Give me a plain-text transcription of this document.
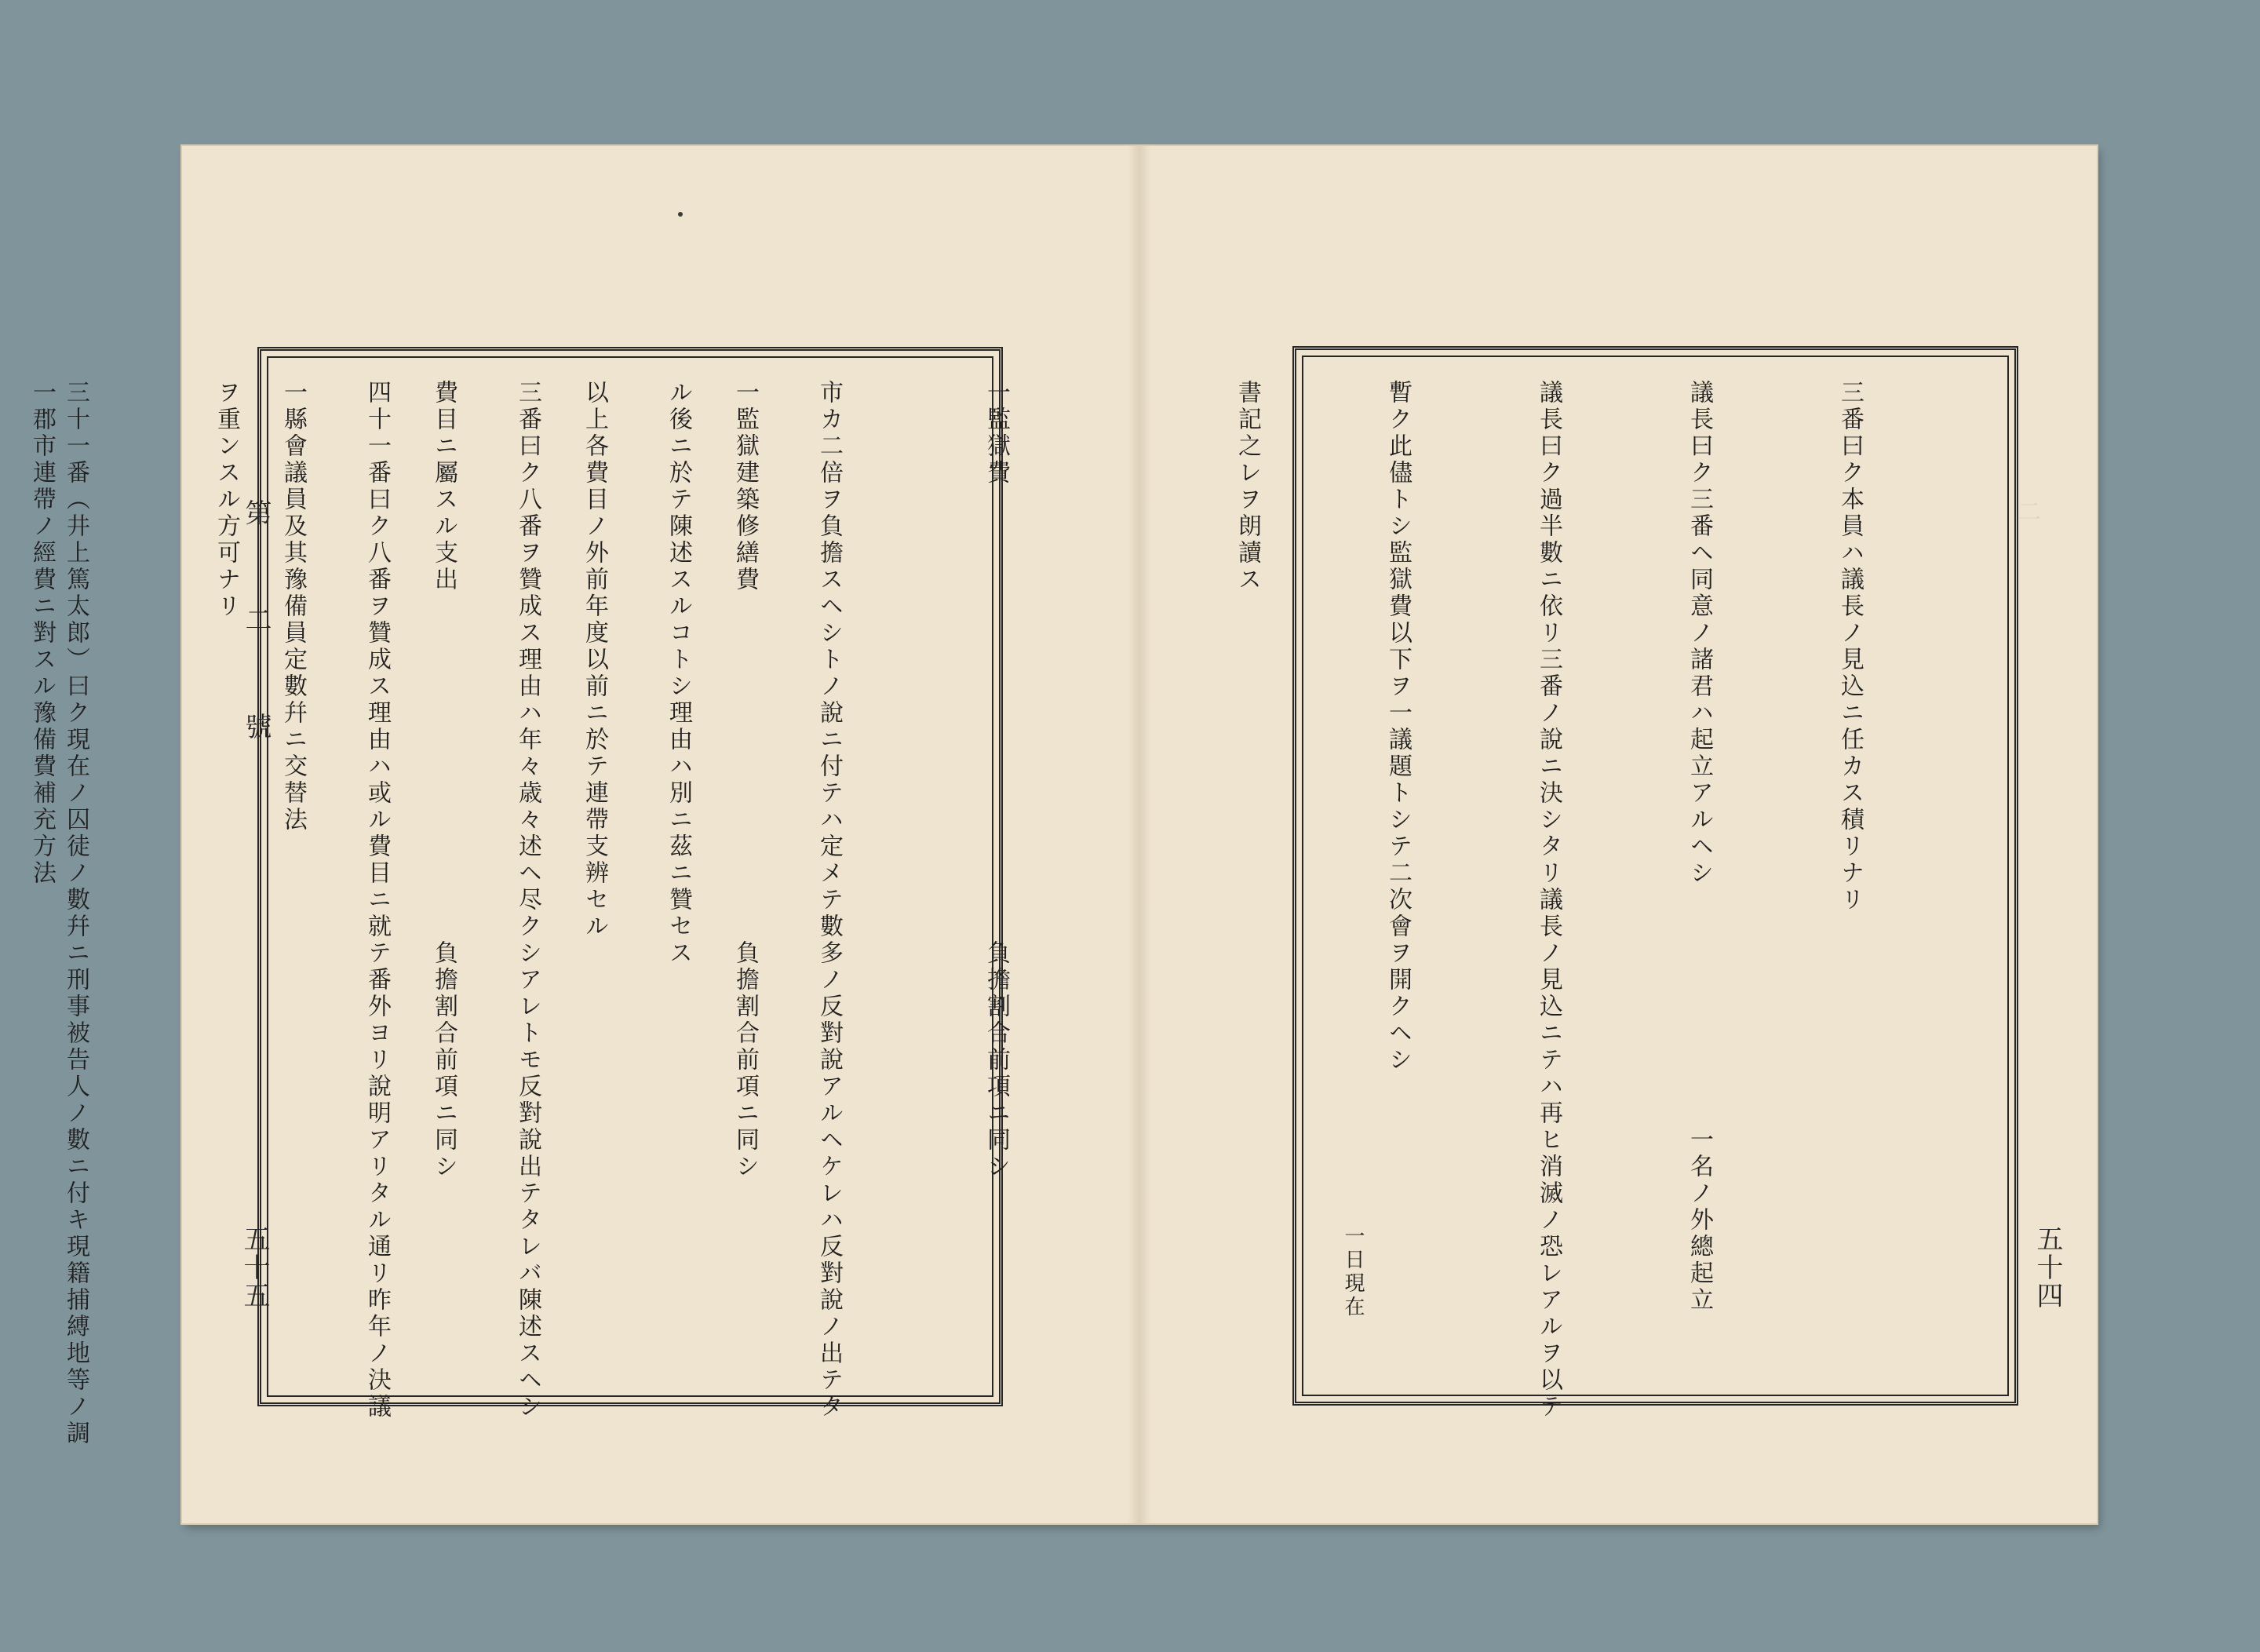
市カ二倍ヲ負擔スヘシトノ說ニ付テハ定メテ數多ノ反對說アルヘケレハ反對說ノ出テタ

ル後ニ於テ陳述スルコトシ理由ハ別ニ茲ニ贊セス

三番曰ク八番ヲ贊成ス理由ハ年々歳々述ヘ尽クシアレトモ反對說出テタレバ陳述スヘシ

四十一番曰ク八番ヲ贊成ス理由ハ或ル費目ニ就テ番外ヨリ說明アリタル通リ昨年ノ決議

ヲ重ンスル方可ナリ

三十一番（井上篤太郎）曰ク現在ノ囚徒ノ數幷ニ刑事被告人ノ數ニ付キ現籍捕縛地等ノ調

	第　二　號
五十五
二

三番曰ク本員ハ議長ノ見込ニ任カス積リナリ

議長曰ク三番ヘ同意ノ諸君ハ起立アルヘシ　　　　　　　　　一名ノ外總起立

議長曰ク過半數ニ依リ三番ノ說ニ決シタリ議長ノ見込ニテハ再ヒ消滅ノ恐レアルヲ以テ

暫ク此儘トシ監獄費以下ヲ一議題トシテ二次會ヲ開クヘシ

書記之レヲ朗讀ス

一監獄費　　　　　　　　　　　　　　　　　負擔割合前項ニ同シ

一監獄建築修繕費　　　　　　　　　　　　　負擔割合前項ニ同シ

以上各費目ノ外前年度以前ニ於テ連帶支辨セル

費目ニ屬スル支出　　　　　　　　　　　　　負擔割合前項ニ同シ

一縣會議員及其豫備員定數幷ニ交替法

一郡市連帶ノ經費ニ對スル豫備費補充方法

一日現在	五十四
